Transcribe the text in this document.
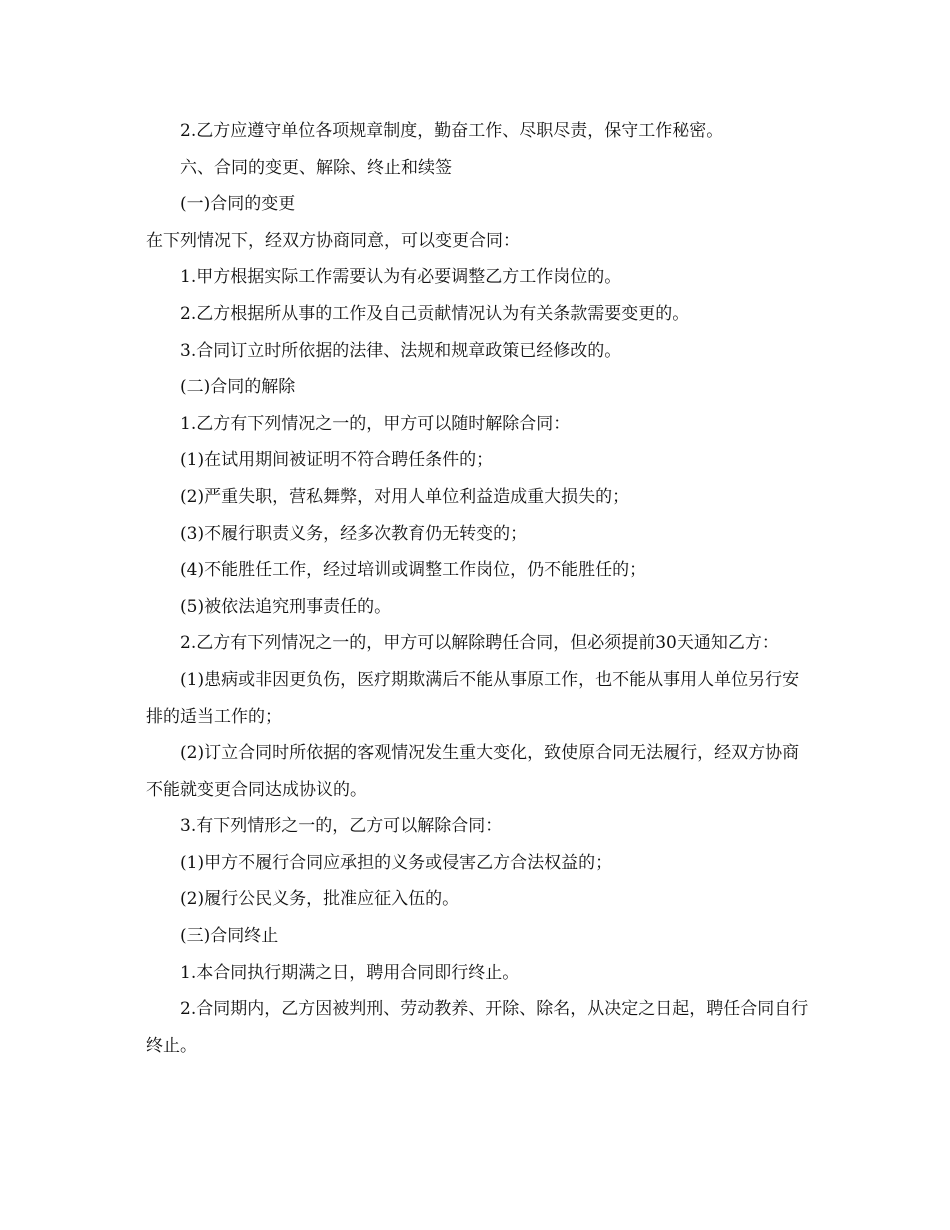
2.乙方应遵守单位各项规章制度，勤奋工作、尽职尽责，保守工作秘密。

六、合同的变更、解除、终止和续签

(一)合同的变更

在下列情况下，经双方协商同意，可以变更合同：

1.甲方根据实际工作需要认为有必要调整乙方工作岗位的。

2.乙方根据所从事的工作及自己贡献情况认为有关条款需要变更的。

3.合同订立时所依据的法律、法规和规章政策已经修改的。

(二)合同的解除

1.乙方有下列情况之一的，甲方可以随时解除合同：

(1)在试用期间被证明不符合聘任条件的；

(2)严重失职，营私舞弊，对用人单位利益造成重大损失的；

(3)不履行职责义务，经多次教育仍无转变的；

(4)不能胜任工作，经过培训或调整工作岗位，仍不能胜任的；

(5)被依法追究刑事责任的。

2.乙方有下列情况之一的，甲方可以解除聘任合同，但必须提前30天通知乙方：

(1)患病或非因更负伤，医疗期欺满后不能从事原工作，也不能从事用人单位另行安排的适当工作的；

(2)订立合同时所依据的客观情况发生重大变化，致使原合同无法履行，经双方协商不能就变更合同达成协议的。

3.有下列情形之一的，乙方可以解除合同：

(1)甲方不履行合同应承担的义务或侵害乙方合法权益的；

(2)履行公民义务，批准应征入伍的。

(三)合同终止

1.本合同执行期满之日，聘用合同即行终止。

2.合同期内，乙方因被判刑、劳动教养、开除、除名，从决定之日起，聘任合同自行终止。
